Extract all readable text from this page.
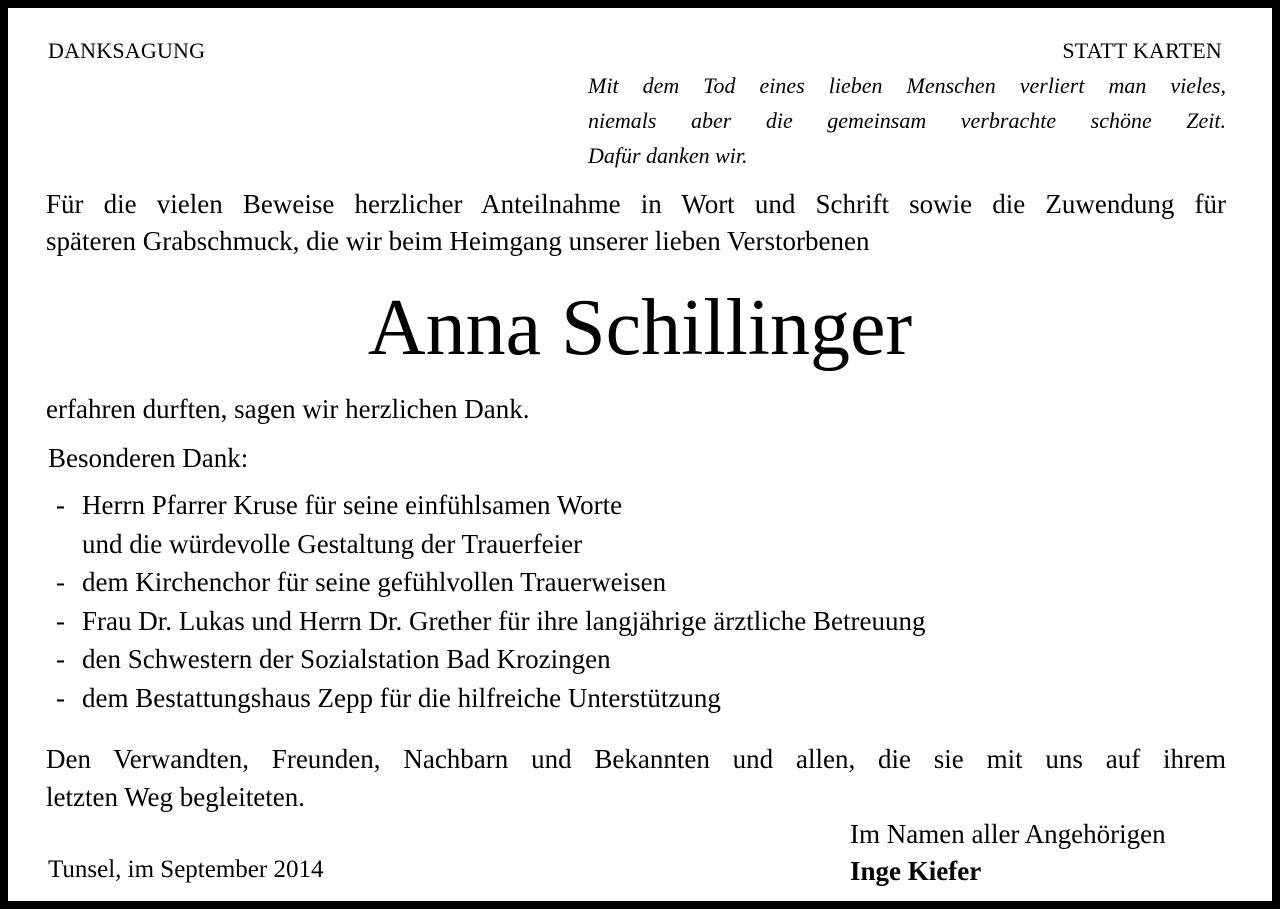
DANKSAGUNG	STATT KARTEN
Mit dem Tod eines lieben Menschen verliert man vieles,
niemals aber die gemeinsam verbrachte schöne Zeit.
Dafür danken wir.
Für die vielen Beweise herzlicher Anteilnahme in Wort und Schrift sowie die Zuwendung für
späteren Grabschmuck, die wir beim Heimgang unserer lieben Verstorbenen
Anna Schillinger
erfahren durften, sagen wir herzlichen Dank.
Besonderen Dank:
- Herrn Pfarrer Kruse für seine einfühlsamen Worte
und die würdevolle Gestaltung der Trauerfeier
- dem Kirchenchor für seine gefühlvollen Trauerweisen
- Frau Dr. Lukas und Herrn Dr. Grether für ihre langjährige ärztliche Betreuung
- den Schwestern der Sozialstation Bad Krozingen
- dem Bestattungshaus Zepp für die hilfreiche Unterstützung
Den Verwandten, Freunden, Nachbarn und Bekannten und allen, die sie mit uns auf ihrem
letzten Weg begleiteten.
Tunsel, im September 2014
Im Namen aller Angehörigen
Inge Kiefer
